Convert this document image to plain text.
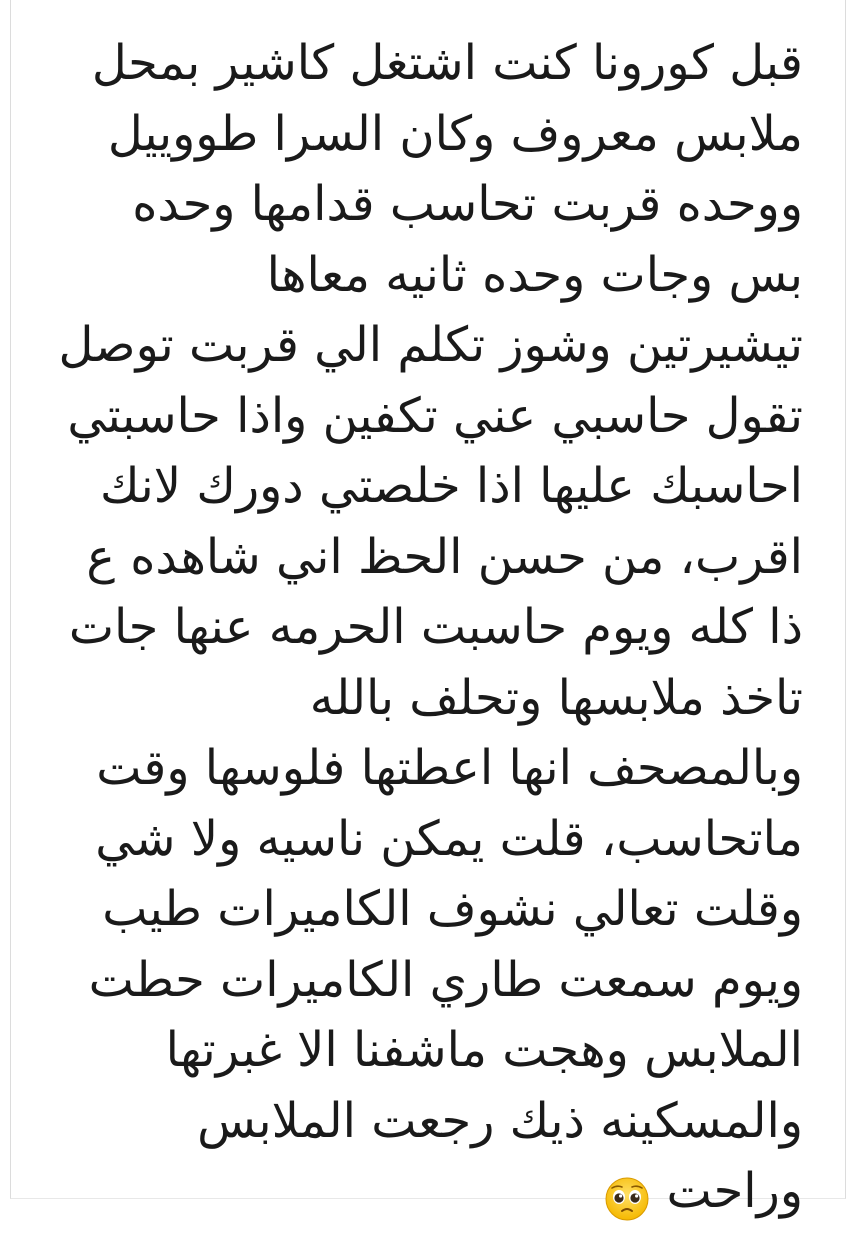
قبل كورونا كنت اشتغل كاشير بمحل
ملابس معروف وكان السرا طووييل
ووحده قربت تحاسب قدامها وحده
بس وجات وحده ثانيه معاها
تيشيرتين وشوز تكلم الي قربت توصل
تقول حاسبي عني تكفين واذا حاسبتي
احاسبك عليها اذا خلصتي دورك لانك
اقرب، من حسن الحظ اني شاهده ع
ذا كله ويوم حاسبت الحرمه عنها جات
تاخذ ملابسها وتحلف بالله
وبالمصحف انها اعطتها فلوسها وقت
ماتحاسب، قلت يمكن ناسيه ولا شي
وقلت تعالي نشوف الكاميرات طيب
ويوم سمعت طاري الكاميرات حطت
الملابس وهجت ماشفنا الا غبرتها
والمسكينه ذيك رجعت الملابس
وراحت
